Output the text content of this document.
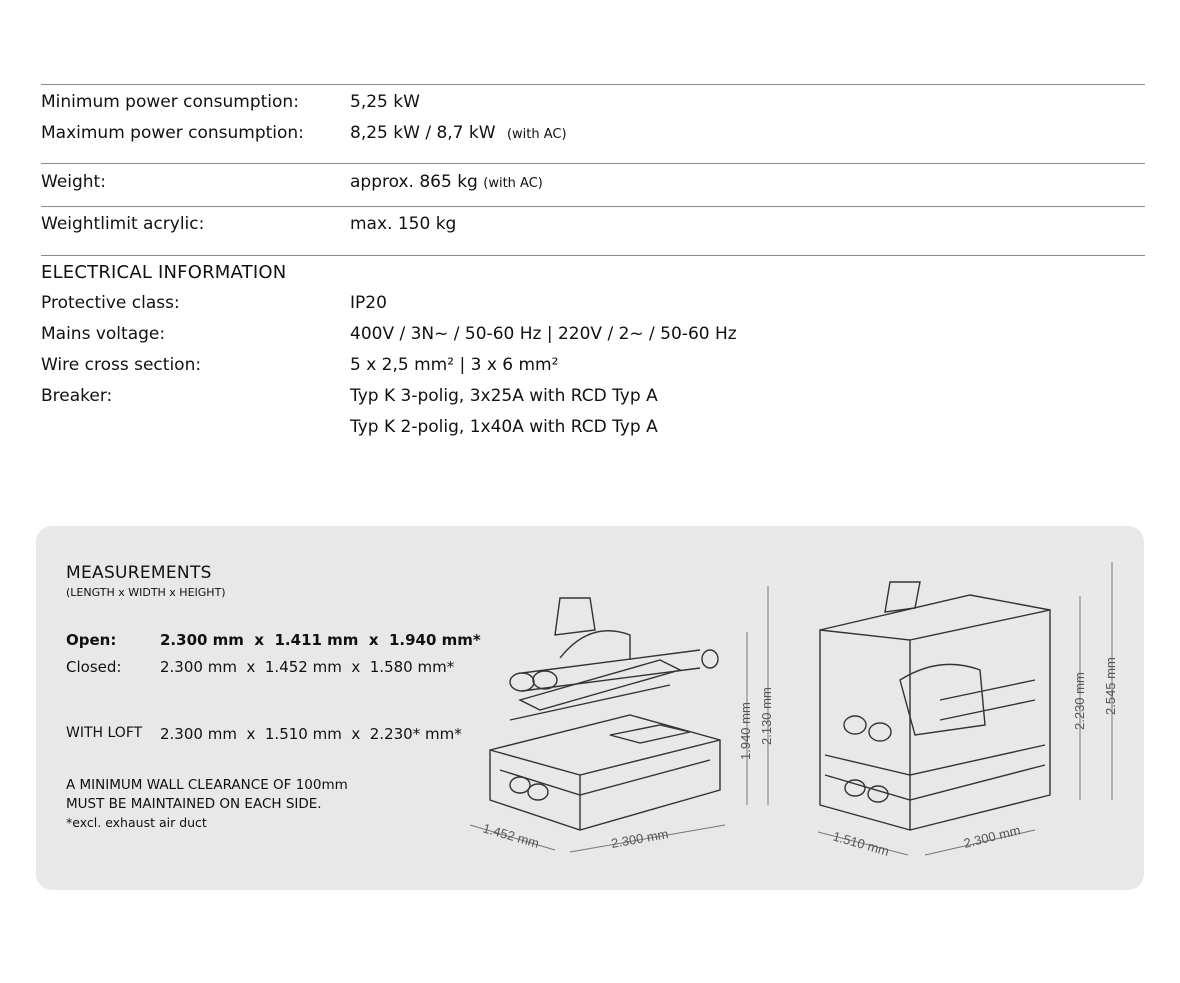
Minimum power consumption:	5,25 kW
Maximum power consumption:	8,25 kW / 8,7 kW (with AC)
Weight:	approx. 865 kg (with AC)
Weightlimit acrylic:	max. 150 kg
ELECTRICAL INFORMATION
Protective class:	IP20
Mains voltage:	400V / 3N~ / 50-60 Hz | 220V / 2~ / 50-60 Hz
Wire cross section:	5 x 2,5 mm² | 3 x 6 mm²
Breaker:	Typ K 3-polig, 3x25A with RCD Typ A
Typ K 2-polig, 1x40A with RCD Typ A
MEASUREMENTS
(LENGTH x WIDTH x HEIGHT)
Open:	2.300 mm  x  1.411 mm  x  1.940 mm*
Closed:	2.300 mm  x  1.452 mm  x  1.580 mm*
WITH LOFT 2.300 mm  x  1.510 mm  x  2.230* mm*
A MINIMUM WALL CLEARANCE OF 100mm
MUST BE MAINTAINED ON EACH SIDE.
*excl. exhaust air duct
1.940 mm 2.130 mm
1.452 mm	2.300 mm
2.230 mm 2.545 mm
1.510 mm	2.300 mm
